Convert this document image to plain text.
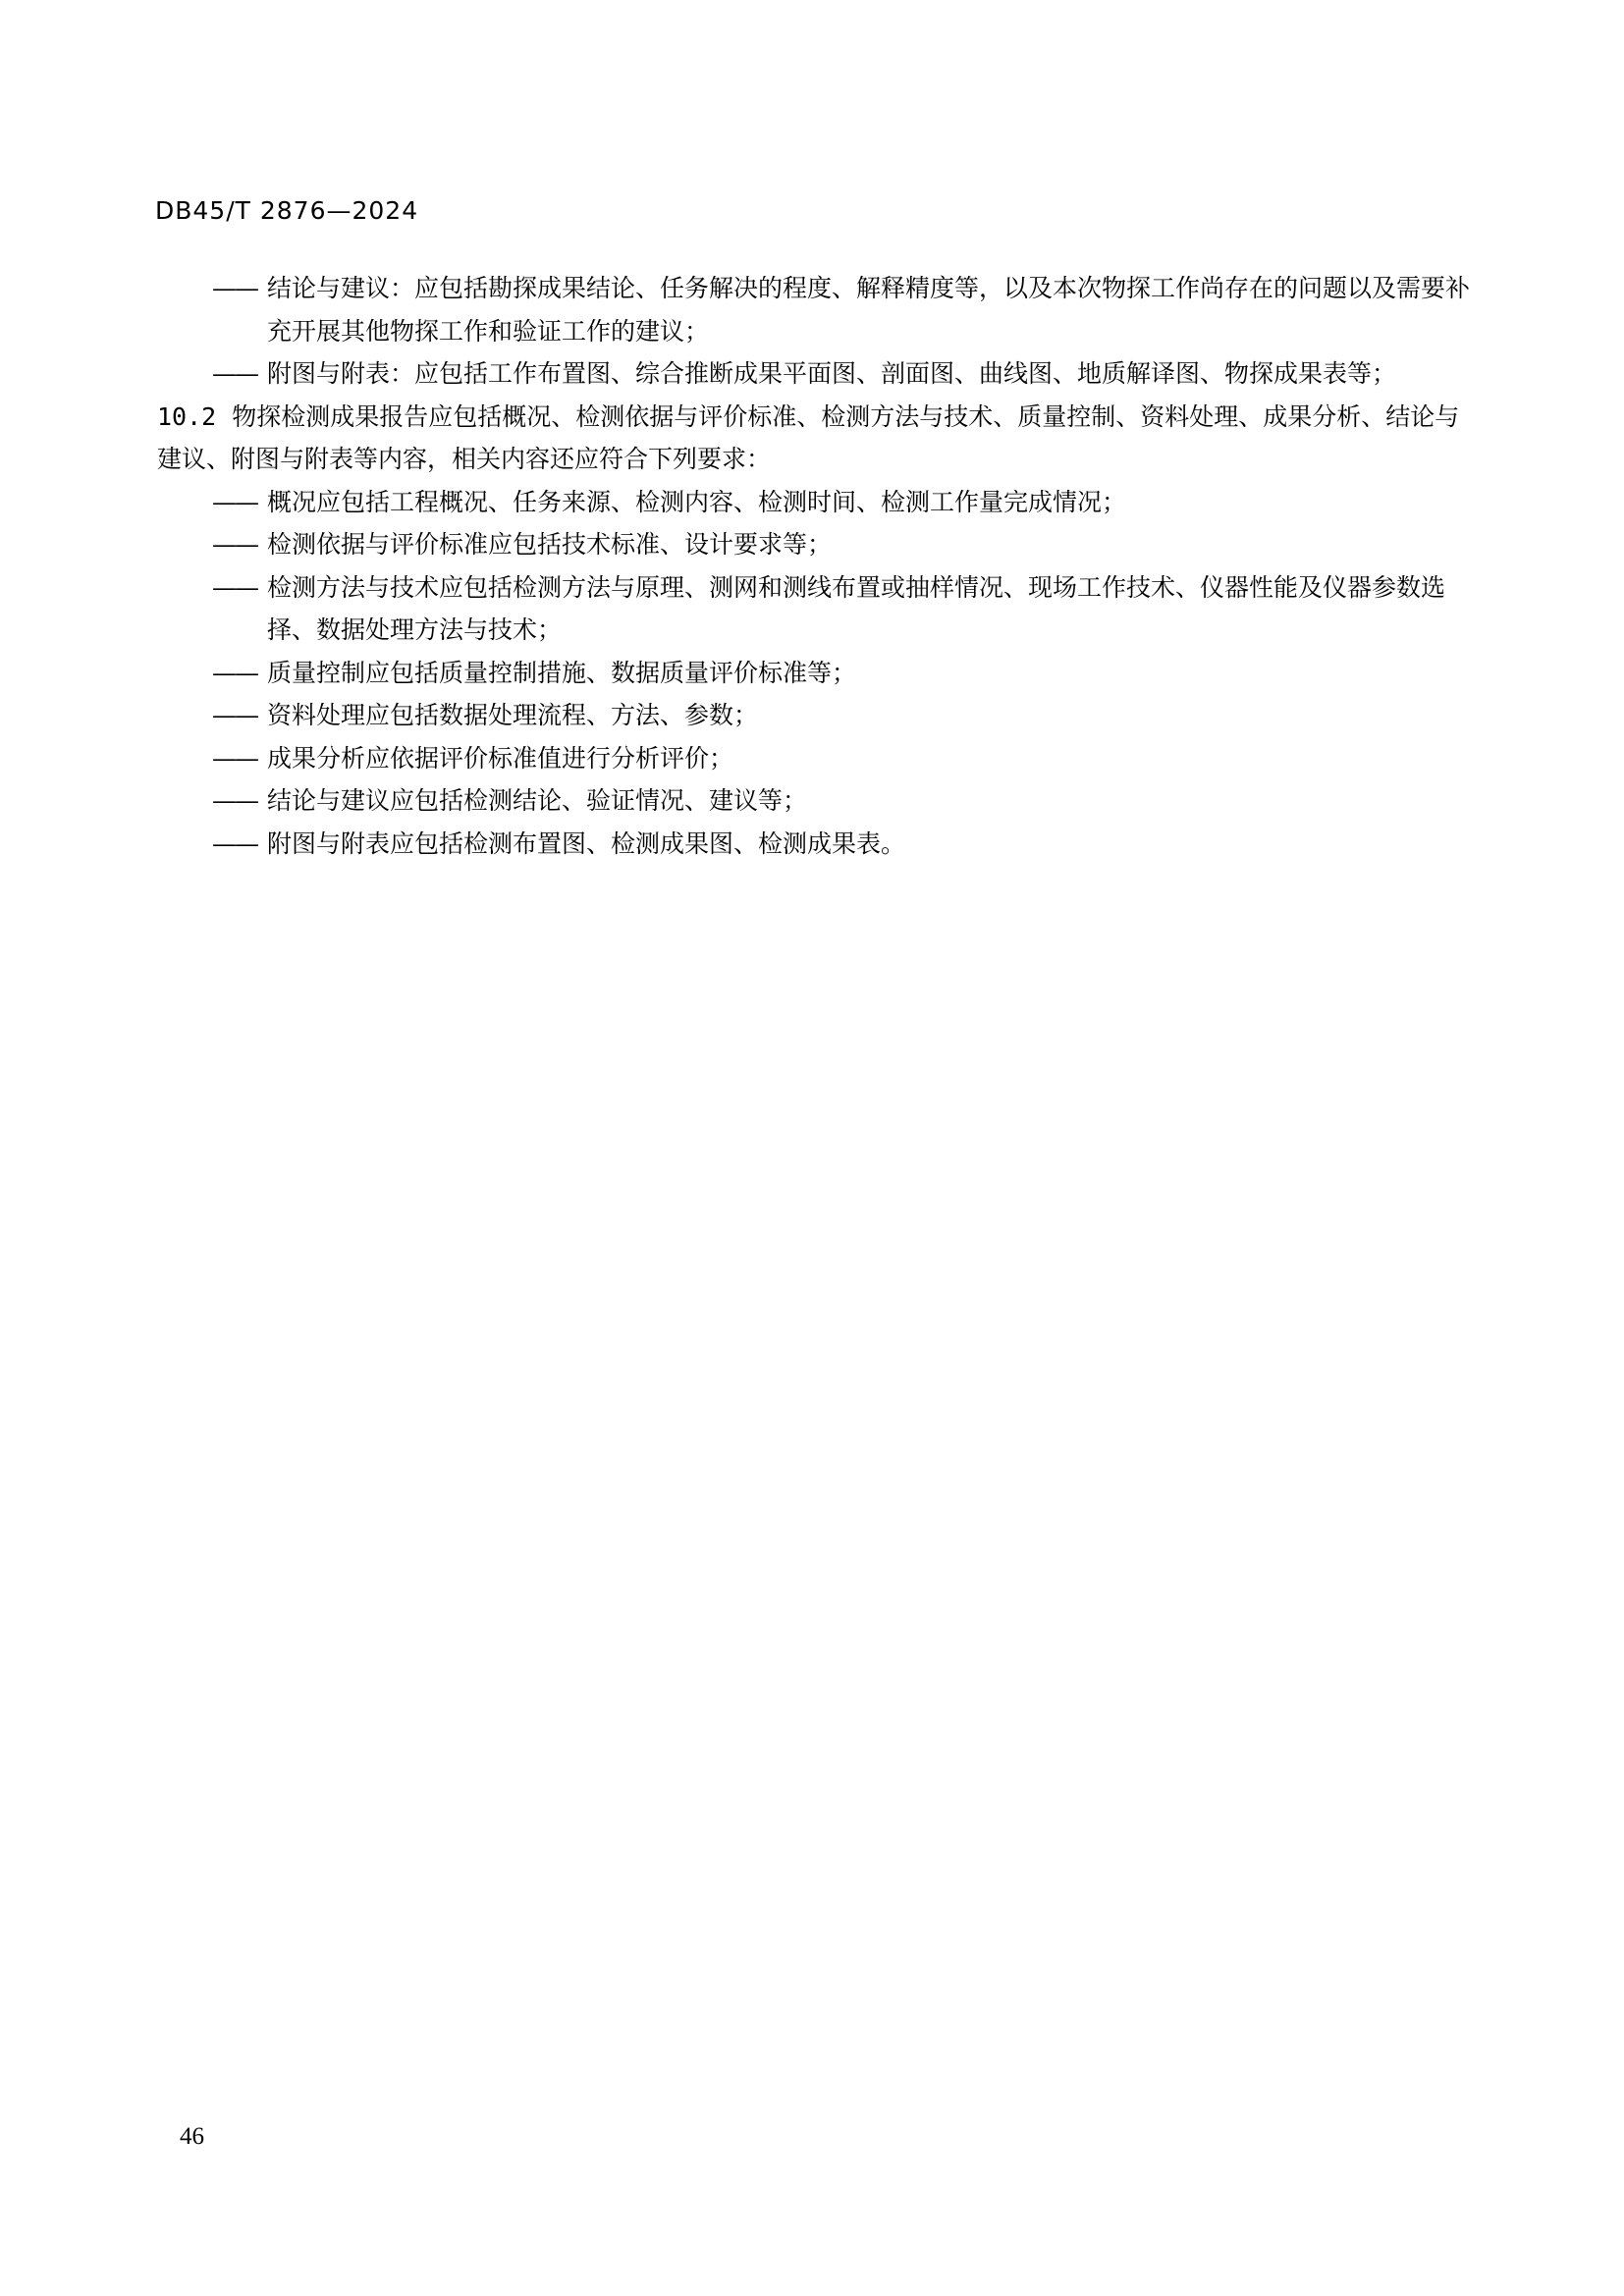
DB45/T 2876—2024
—— 结论与建议：应包括勘探成果结论、任务解决的程度、解释精度等，以及本次物探工作尚存在的问题以及需要补充开展其他物探工作和验证工作的建议；
—— 附图与附表：应包括工作布置图、综合推断成果平面图、剖面图、曲线图、地质解译图、物探成果表等；
10.2 物探检测成果报告应包括概况、检测依据与评价标准、检测方法与技术、质量控制、资料处理、成果分析、结论与建议、附图与附表等内容，相关内容还应符合下列要求：
—— 概况应包括工程概况、任务来源、检测内容、检测时间、检测工作量完成情况；
—— 检测依据与评价标准应包括技术标准、设计要求等；
—— 检测方法与技术应包括检测方法与原理、测网和测线布置或抽样情况、现场工作技术、仪器性能及仪器参数选择、数据处理方法与技术；
—— 质量控制应包括质量控制措施、数据质量评价标准等；
—— 资料处理应包括数据处理流程、方法、参数；
—— 成果分析应依据评价标准值进行分析评价；
—— 结论与建议应包括检测结论、验证情况、建议等；
—— 附图与附表应包括检测布置图、检测成果图、检测成果表。
46
